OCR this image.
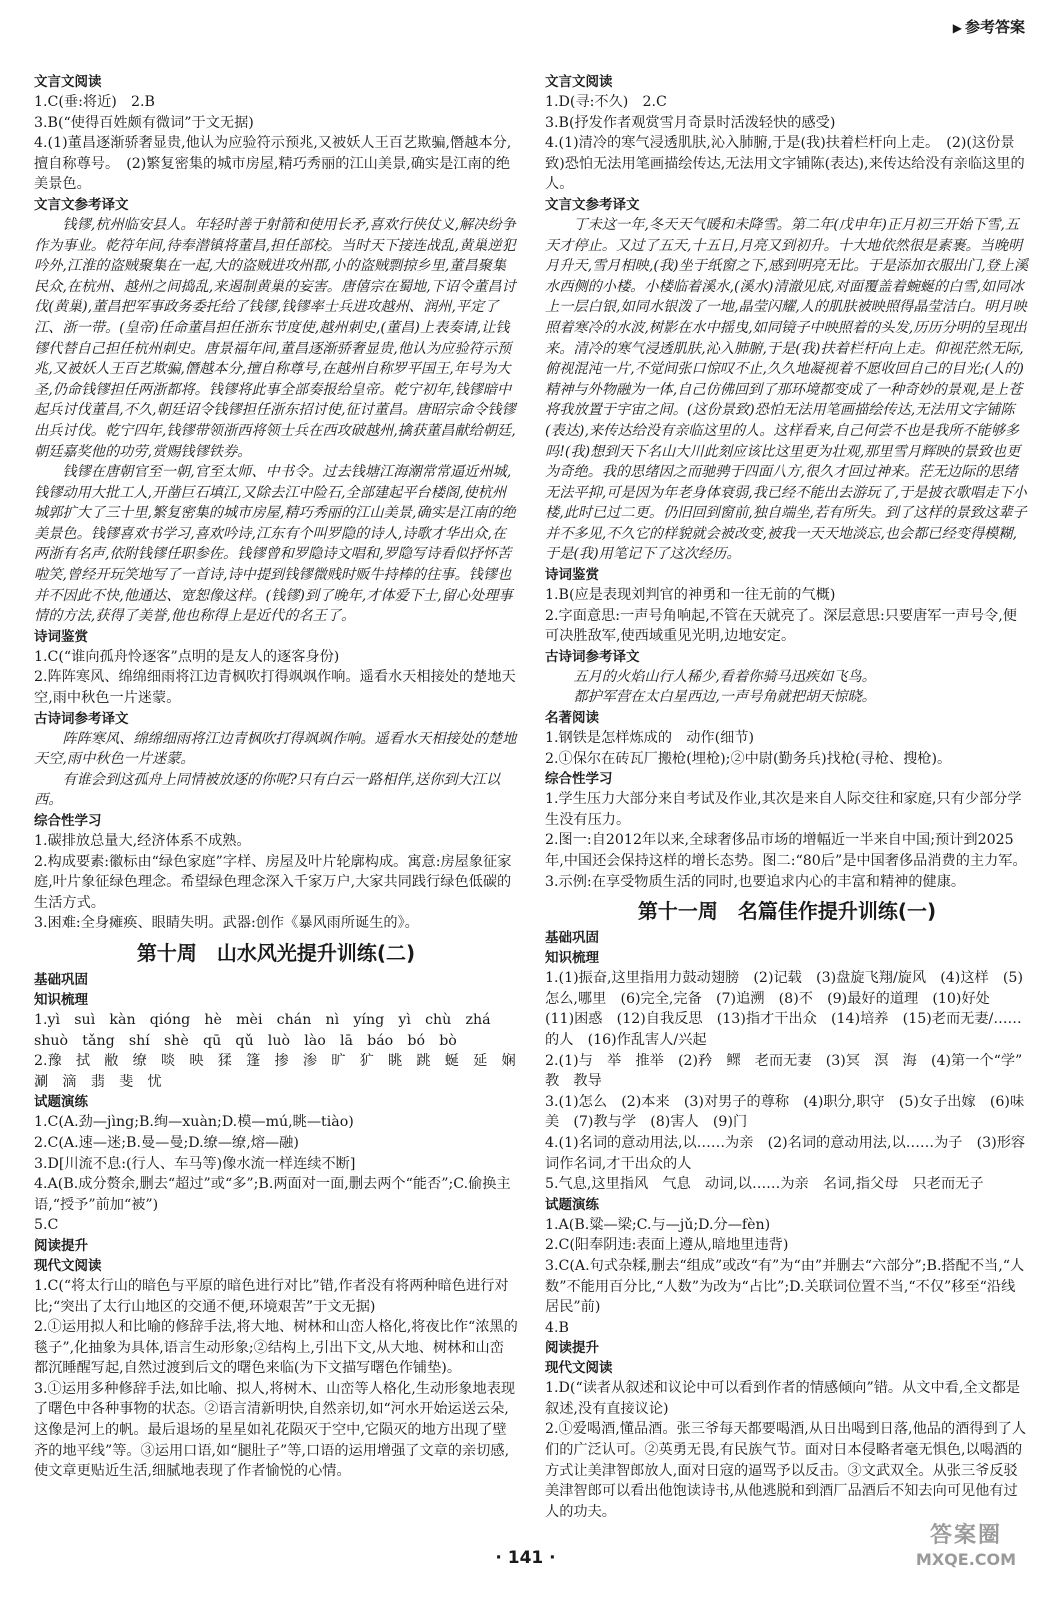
▶ 参考答案
文言文阅读
1.C(垂:将近)　2.B
3.B(“使得百姓颇有微词”于文无据)
4.(1)董昌逐渐骄奢显贵,他认为应验符示预兆,又被妖人王百艺欺骗,僭越本分,擅自称尊号。　(2)繁复密集的城市房屋,精巧秀丽的江山美景,确实是江南的绝美景色。
文言文参考译文
钱镠,杭州临安县人。年轻时善于射箭和使用长矛,喜欢行侠仗义,解决纷争作为事业。乾符年间,待奉潜镇将董昌,担任部校。当时天下接连战乱,黄巢逆犯吟外,江淮的盗贼聚集在一起,大的盗贼进攻州郡,小的盗贼剽掠乡里,董昌聚集民众,在杭州、越州之间捣乱,来遏制黄巢的妄害。唐僖宗在蜀地,下诏令董昌讨伐(黄巢),董昌把军事政务委托给了钱镠,钱镠率士兵进攻越州、润州,平定了江、浙一带。(皇帝)任命董昌担任浙东节度使,越州刺史,(董昌)上表奏请,让钱镠代替自己担任杭州刺史。唐景福年间,董昌逐渐骄奢显贵,他认为应验符示预兆,又被妖人王百艺欺骗,僭越本分,擅自称尊号,在越州自称罗平国王,年号为大圣,仍命钱镠担任两浙都将。钱镠将此事全部奏报给皇帝。乾宁初年,钱镠暗中起兵讨伐董昌,不久,朝廷诏令钱镠担任浙东招讨使,征讨董昌。唐昭宗命令钱镠出兵讨伐。乾宁四年,钱镠带领浙西将领士兵在西攻破越州,擒获董昌献给朝廷,朝廷嘉奖他的功劳,赏赐钱镠铁券。
钱镠在唐朝官至一朝,官至太师、中书令。过去钱塘江海潮常常逼近州城,钱镠动用大批工人,开凿巨石填江,又除去江中险石,全部建起平台楼阁,使杭州城郭扩大了三十里,繁复密集的城市房屋,精巧秀丽的江山美景,确实是江南的绝美景色。钱镠喜欢书学习,喜欢吟诗,江东有个叫罗隐的诗人,诗歌才华出众,在两浙有名声,依附钱镠任职参佐。钱镠曾和罗隐诗文唱和,罗隐写诗看似抒怀苦啦笑,曾经开玩笑地写了一首诗,诗中提到钱镠微贱时贩牛持棒的往事。钱镠也并不因此不快,他通达、宽恕像这样。(钱镠)到了晚年,才体爱下士,留心处理事情的方法,获得了美誉,他也称得上是近代的名王了。
诗词鉴赏
1.C(“谁向孤舟怜逐客”点明的是友人的逐客身份)
2.阵阵寒风、绵绵细雨将江边青枫吹打得飒飒作响。遥看水天相接处的楚地天空,雨中秋色一片迷蒙。
古诗词参考译文
阵阵寒风、绵绵细雨将江边青枫吹打得飒飒作响。遥看水天相接处的楚地天空,雨中秋色一片迷蒙。
有谁会到这孤舟上同情被放逐的你呢?只有白云一路相伴,送你到大江以西。
综合性学习
1.碳排放总量大,经济体系不成熟。
2.构成要素:徽标由“绿色家庭”字样、房屋及叶片轮廓构成。寓意:房屋象征家庭,叶片象征绿色理念。希望绿色理念深入千家万户,大家共同践行绿色低碳的生活方式。
3.困难:全身瘫痪、眼睛失明。武器:创作《暴风雨所诞生的》。
第十周　山水风光提升训练(二)
基础巩固
知识梳理
1.yì　suì　kàn　qióng　hè　mèi　chán　nì　yíng　yì　chù　zhá　shuò　tǎng　shí　shè　qū　qǔ　luò　lào　lā　báo　bó　bò
2.豫　拭　敝　缭　啖　映　猱　篷　掺　渗　旷　犷　眺　跳　蜒　延　娴　涮　滴　翡　斐　忧
试题演练
1.C(A.劲—jìng;B.绚—xuàn;D.模—mú,眺—tiào)
2.C(A.速—迷;B.曼—曼;D.缭—缭,熔—融)
3.D[川流不息:(行人、车马等)像水流一样连续不断]
4.A(B.成分赘余,删去“超过”或“多”;B.两面对一面,删去两个“能否”;C.偷换主语,“授予”前加“被”)
5.C
阅读提升
现代文阅读
1.C(“将太行山的暗色与平原的暗色进行对比”错,作者没有将两种暗色进行对比;“突出了太行山地区的交通不便,环境艰苦”于文无据)
2.①运用拟人和比喻的修辞手法,将大地、树林和山峦人格化,将夜比作“浓黑的毯子”,化抽象为具体,语言生动形象;②结构上,引出下文,从大地、树林和山峦都沉睡醒写起,自然过渡到后文的曙色来临(为下文描写曙色作铺垫)。
3.①运用多种修辞手法,如比喻、拟人,将树木、山峦等人格化,生动形象地表现了曙色中各种事物的状态。②语言清新明快,自然亲切,如“河水开始运送云朵,这像是河上的帆。最后退场的星星如礼花陨灭于空中,它陨灭的地方出现了壁齐的地平线”等。③运用口语,如“腿肚子”等,口语的运用增强了文章的亲切感,使文章更贴近生活,细腻地表现了作者愉悦的心情。
文言文阅读
1.D(寻:不久)　2.C
3.B(抒发作者观赏雪月奇景时活泼轻快的感受)
4.(1)清冷的寒气浸透肌肤,沁入肺腑,于是(我)扶着栏杆向上走。　(2)(这份景致)恐怕无法用笔画描绘传达,无法用文字铺陈(表达),来传达给没有亲临这里的人。
文言文参考译文
丁未这一年,冬天天气暖和未降雪。第二年(戊申年)正月初三开始下雪,五天才停止。又过了五天,十五日,月亮又到初升。十大地依然很是素裹。当晚明月升天,雪月相映,(我)坐于纸窗之下,感到明亮无比。于是添加衣服出门,登上溪水西侧的小楼。小楼临着溪水,(溪水)清澈见底,对面覆盖着蜿蜒的白雪,如同冰上一层白银,如同水银泼了一地,晶莹闪耀,人的肌肤被映照得晶莹洁白。明月映照着寒冷的水波,树影在水中摇曳,如同镜子中映照着的头发,历历分明的呈现出来。清冷的寒气浸透肌肤,沁入肺腑,于是(我)扶着栏杆向上走。仰视茫然无际,俯视混沌一片,不觉间张口惊叹不止,久久地凝视着不愿收回自己的目光;(人的)精神与外物融为一体,自己仿佛回到了那环境都变成了一种奇妙的景观,是上苍将我放置于宇宙之间。(这份景致)恐怕无法用笔画描绘传达,无法用文字铺陈(表达),来传达给没有亲临这里的人。这样看来,自己何尝不也是我所不能够多吗!(我)想到天下名山大川此刻应该比这里更为壮观,那里雪月辉映的景致也更为奇绝。我的思绪因之而驰骋于四面八方,很久才回过神来。茫无边际的思绪无法平抑,可是因为年老身体衰弱,我已经不能出去游玩了,于是披衣歌唱走下小楼,此时已过二更。仍旧回到窗前,独自端坐,若有所失。到了这样的景致这辈子并不多见,不久它的样貌就会被改变,被我一天天地淡忘,也会都已经变得模糊,于是(我)用笔记下了这次经历。
诗词鉴赏
1.B(应是表现刘判官的神勇和一往无前的气概)
2.字面意思:一声号角响起,不管在天就亮了。深层意思:只要唐军一声号令,便可决胜敌军,使西域重见光明,边地安定。
古诗词参考译文
五月的火焰山行人稀少,看着你骑马迅疾如飞鸟。
都护军营在太白星西边,一声号角就把胡天惊晓。
名著阅读
1.钢铁是怎样炼成的　动作(细节)
2.①保尔在砖瓦厂搬枪(埋枪);②中尉(勤务兵)找枪(寻枪、搜枪)。
综合性学习
1.学生压力大部分来自考试及作业,其次是来自人际交往和家庭,只有少部分学生没有压力。
2.图一:自2012年以来,全球奢侈品市场的增幅近一半来自中国;预计到2025年,中国还会保持这样的增长态势。图二:“80后”是中国奢侈品消费的主力军。
3.示例:在享受物质生活的同时,也要追求内心的丰富和精神的健康。
第十一周　名篇佳作提升训练(一)
基础巩固
知识梳理
1.(1)振奋,这里指用力鼓动翅膀　(2)记载　(3)盘旋飞翔/旋风　(4)这样　(5)怎么,哪里　(6)完全,完备　(7)追溯　(8)不　(9)最好的道理　(10)好处　(11)困惑　(12)自我反思　(13)指才干出众　(14)培养　(15)老而无妻/……的人　(16)作乱害人/兴起
2.(1)与　举　推举　(2)矜　鳏　老而无妻　(3)冥　溟　海　(4)第一个“学”　教　教导
3.(1)怎么　(2)本来　(3)对男子的尊称　(4)职分,职守　(5)女子出嫁　(6)味美　(7)教与学　(8)害人　(9)门
4.(1)名词的意动用法,以……为亲　(2)名词的意动用法,以……为子　(3)形容词作名词,才干出众的人
5.气息,这里指风　气息　动词,以……为亲　名词,指父母　只老而无子
试题演练
1.A(B.粱—梁;C.与—jǔ;D.分—fèn)
2.C(阳奉阴违:表面上遵从,暗地里违背)
3.C(A.句式杂糅,删去“组成”或改“有”为“由”并删去“六部分”;B.搭配不当,“人数”不能用百分比,“人数”为改为“占比”;D.关联词位置不当,“不仅”移至“沿线居民”前)
4.B
阅读提升
现代文阅读
1.D(“读者从叙述和议论中可以看到作者的情感倾向”错。从文中看,全文都是叙述,没有直接议论)
2.①爱喝酒,懂品酒。张三爷每天都要喝酒,从日出喝到日落,他品的酒得到了人们的广泛认可。②英勇无畏,有民族气节。面对日本侵略者毫无惧色,以喝酒的方式让美津智郎放人,面对日寇的逼骂予以反击。③文武双全。从张三爷反驳美津智郎可以看出他饱读诗书,从他逃脱和到酒厂品酒后不知去向可见他有过人的功夫。
· 141 ·
答案圈
MXQE.COM
